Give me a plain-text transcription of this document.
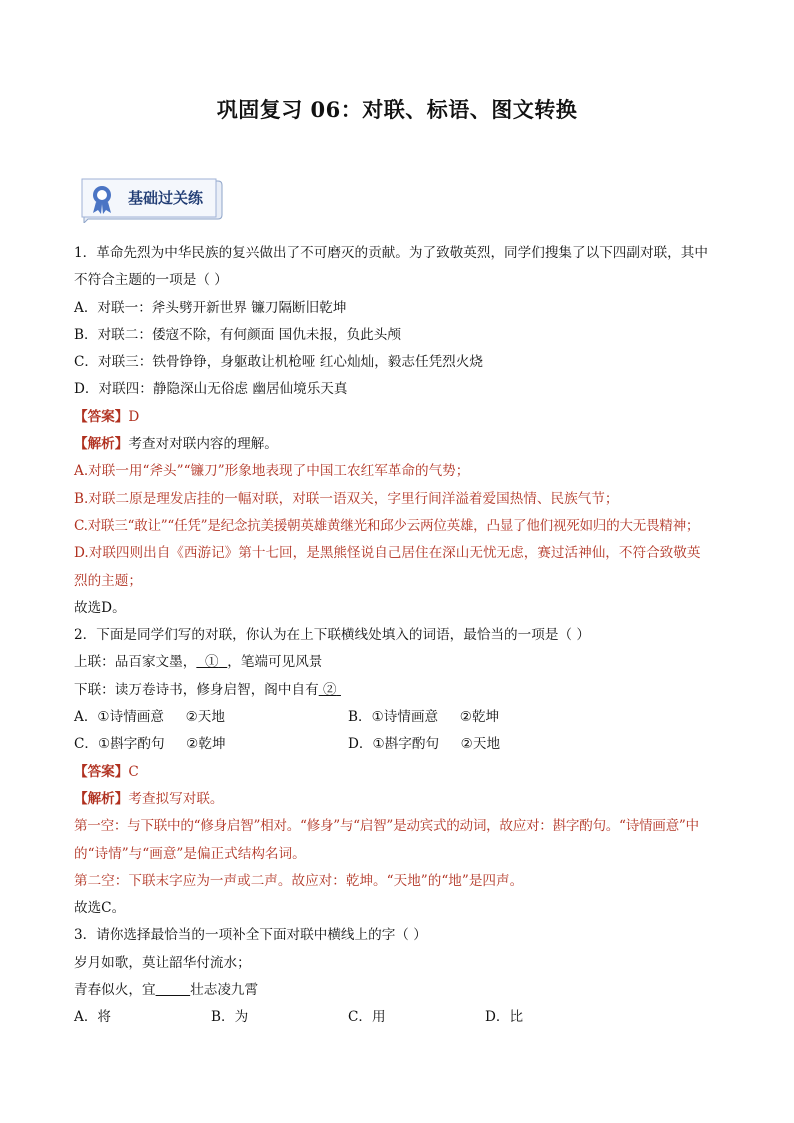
巩固复习 06：对联、标语、图文转换
基础过关练
1．革命先烈为中华民族的复兴做出了不可磨灭的贡献。为了致敬英烈，同学们搜集了以下四副对联，其中
不符合主题的一项是（ ）
A．对联一：斧头劈开新世界 镰刀隔断旧乾坤
B．对联二：倭寇不除，有何颜面 国仇未报，负此头颅
C．对联三：铁骨铮铮，身躯敢让机枪哑 红心灿灿，毅志任凭烈火烧
D．对联四：静隐深山无俗虑 幽居仙境乐天真
【答案】D
【解析】考查对对联内容的理解。
A.对联一用“斧头”“镰刀”形象地表现了中国工农红军革命的气势；
B.对联二原是理发店挂的一幅对联，对联一语双关，字里行间洋溢着爱国热情、民族气节；
C.对联三“敢让”“任凭”是纪念抗美援朝英雄黄继光和邱少云两位英雄，凸显了他们视死如归的大无畏精神；
D.对联四则出自《西游记》第十七回，是黑熊怪说自己居住在深山无忧无虑，赛过活神仙，不符合致敬英
烈的主题；
故选D。
2．下面是同学们写的对联，你认为在上下联横线处填入的词语，最恰当的一项是（ ）
上联：品百家文墨， ① ，笔端可见风景
下联：读万卷诗书，修身启智，阁中自有 ②
A．①诗情画意 ②天地	B．①诗情画意 ②乾坤
C．①斟字酌句 ②乾坤	D．①斟字酌句 ②天地
【答案】C
【解析】考查拟写对联。
第一空：与下联中的“修身启智”相对。“修身”与“启智”是动宾式的动词，故应对：斟字酌句。“诗情画意”中
的“诗情”与“画意”是偏正式结构名词。
第二空：下联末字应为一声或二声。故应对：乾坤。“天地”的“地”是四声。
故选C。
3．请你选择最恰当的一项补全下面对联中横线上的字（ ）
岁月如歌，莫让韶华付流水；
青春似火，宜	壮志凌九霄
A．将	B．为	C．用	D．比
